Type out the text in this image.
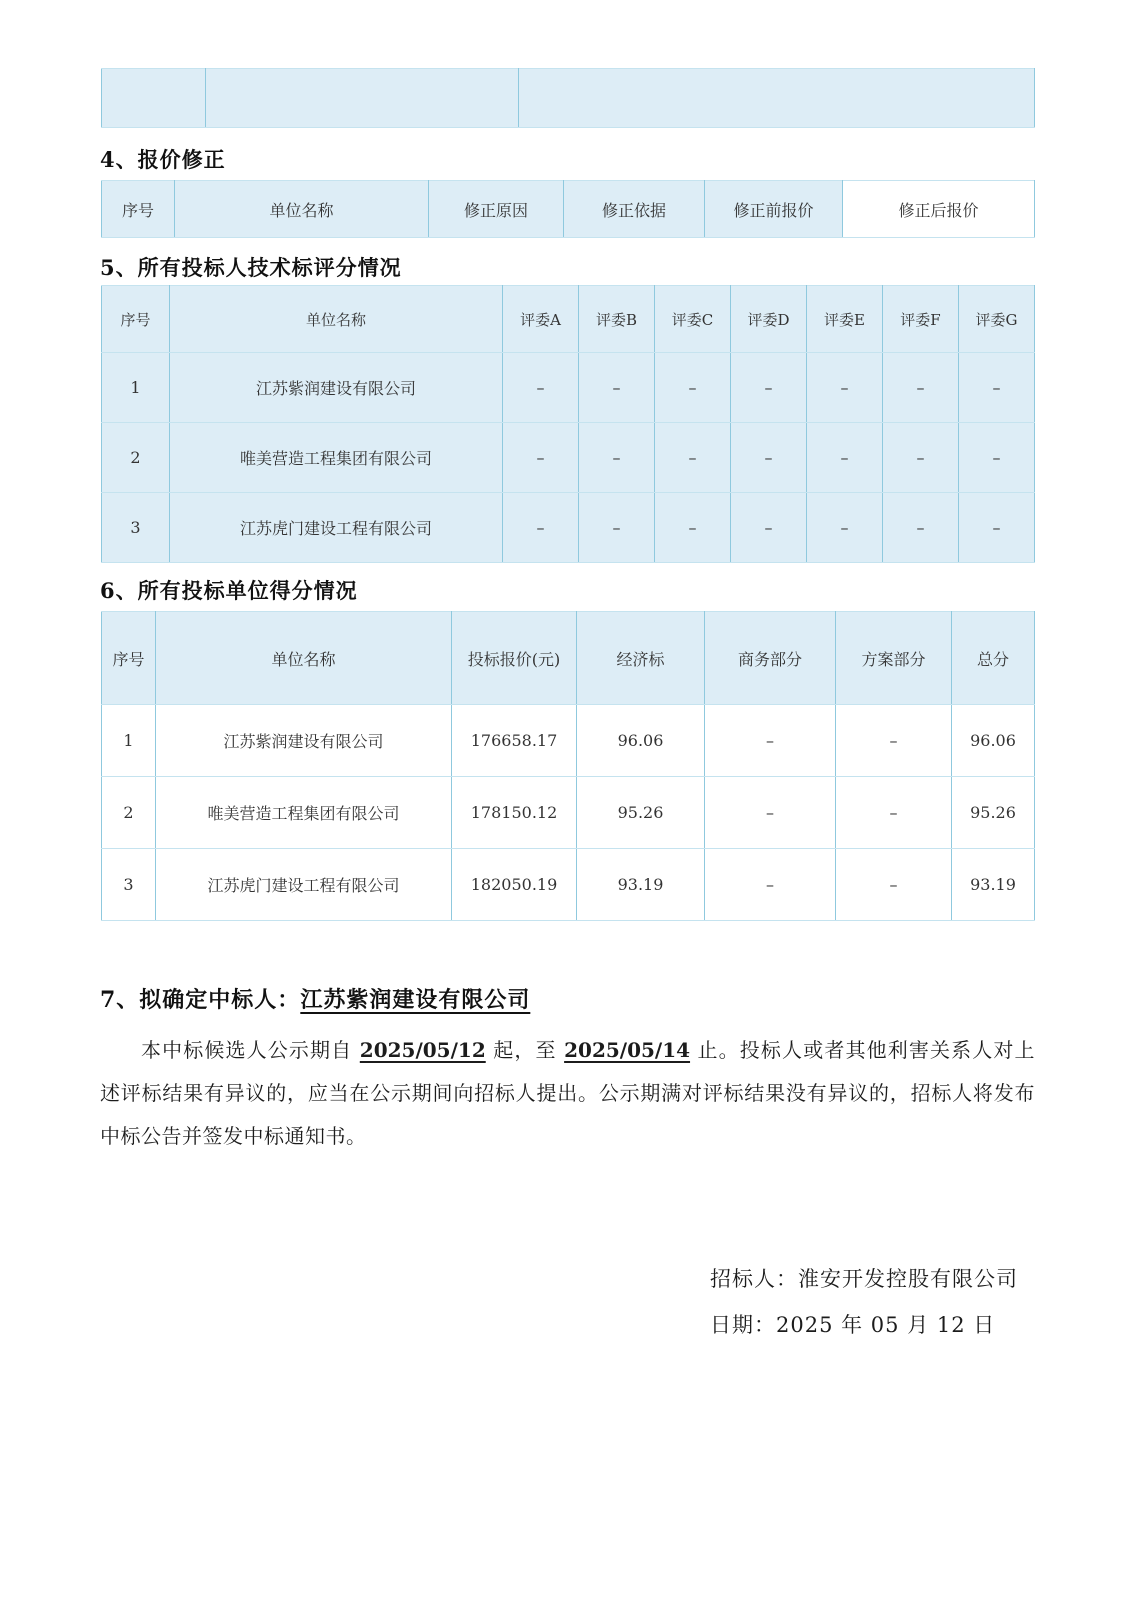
4、报价修正
序号	单位名称	修正原因	修正依据	修正前报价	修正后报价
5、所有投标人技术标评分情况
序号	单位名称	评委A	评委B	评委C	评委D	评委E	评委F	评委G
1	江苏紫润建设有限公司	–	–	–	–	–	–	–
2	唯美营造工程集团有限公司	–	–	–	–	–	–	–
3	江苏虎门建设工程有限公司	–	–	–	–	–	–	–
6、所有投标单位得分情况
序号	单位名称	投标报价(元)	经济标	商务部分	方案部分	总分
1	江苏紫润建设有限公司	176658.17	96.06	–	–	96.06
2	唯美营造工程集团有限公司	178150.12	95.26	–	–	95.26
3	江苏虎门建设工程有限公司	182050.19	93.19	–	–	93.19
7、拟确定中标人：江苏紫润建设有限公司

本中标候选人公示期自 2025/05/12 起，至 2025/05/14 止。投标人或者其他利害关系人对上述评标结果有异议的，应当在公示期间向招标人提出。公示期满对评标结果没有异议的，招标人将发布中标公告并签发中标通知书。

招标人：淮安开发控股有限公司
日期：2025 年 05 月 12 日
